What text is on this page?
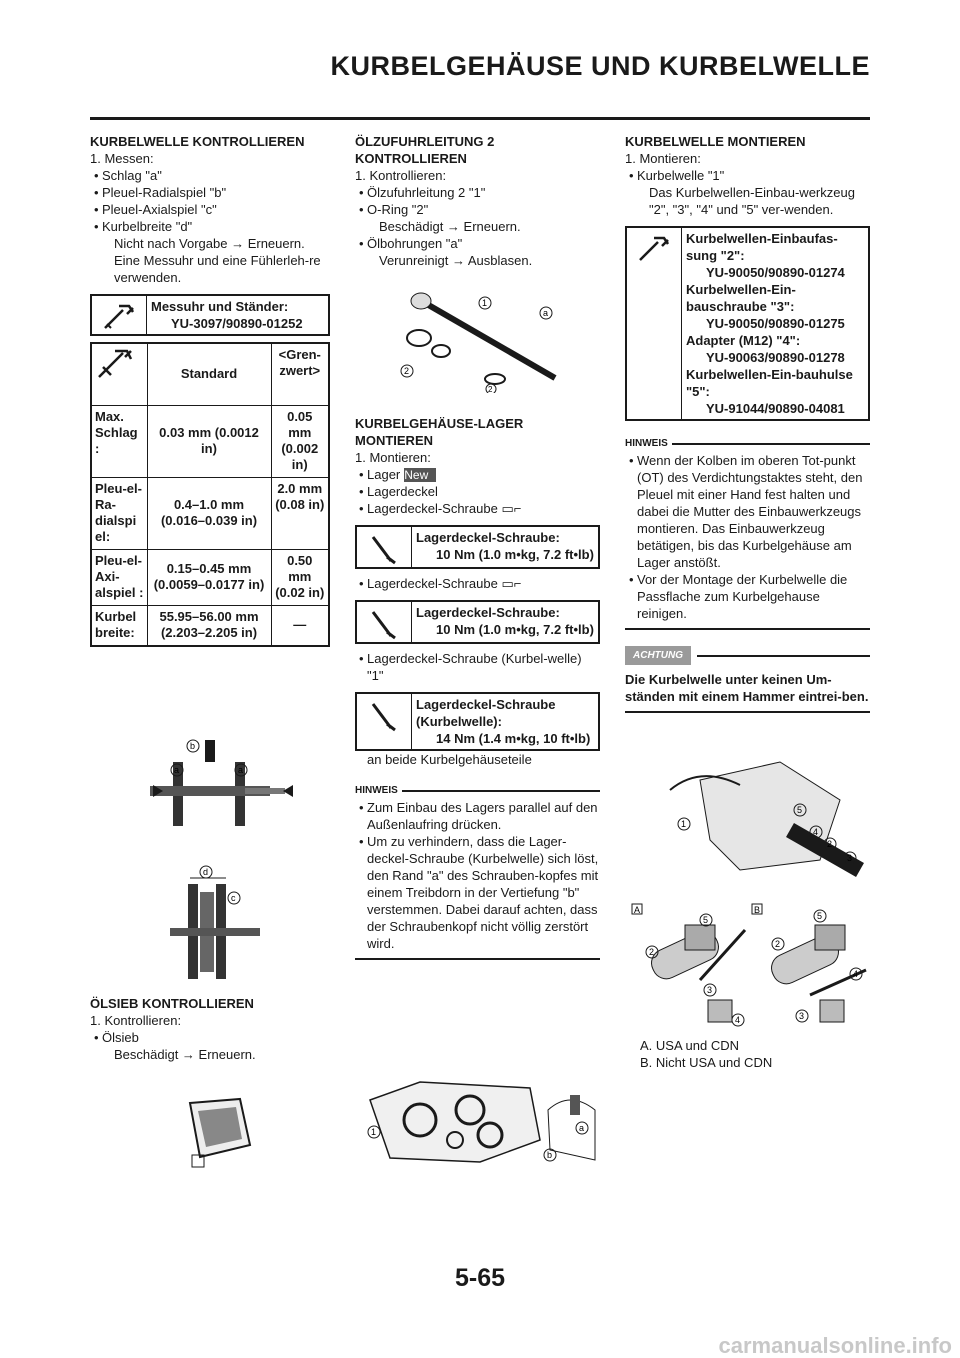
KURBELGEHÄUSE UND KURBELWELLE
KURBELWELLE KONTROLLIEREN
1. Messen:
• Schlag "a"
• Pleuel-Radialspiel "b"
• Pleuel-Axialspiel "c"
• Kurbelbreite "d"
Nicht nach Vorgabe → Erneuern.
Eine Messuhr und eine Fühlerleh-re verwenden.
Messuhr und Ständer:
YU-3097/90890-01252
	Standard	<Gren-zwert>
Max. Schlag :	0.03 mm (0.0012 in)	0.05 mm (0.002 in)
Pleu-el- Ra-dialspi el:	0.4–1.0 mm (0.016–0.039 in)	2.0 mm (0.08 in)
Pleu-el- Axi-alspiel :	0.15–0.45 mm (0.0059–0.0177 in)	0.50 mm (0.02 in)
Kurbel breite:	55.95–56.00 mm (2.203–2.205 in)	—
b
a	a
d
c
ÖLSIEB KONTROLLIEREN
1. Kontrollieren:
• Ölsieb
Beschädigt → Erneuern.
ÖLZUFUHRLEITUNG 2 KONTROLLIEREN
1. Kontrollieren:
• Ölzufuhrleitung 2 "1"
• O-Ring "2"
Beschädigt → Erneuern.
• Ölbohrungen "a"
Verunreinigt → Ausblasen.
1
a
2
2
KURBELGEHÄUSE-LAGER MONTIEREN
1. Montieren:
• Lager New
• Lagerdeckel
• Lagerdeckel-Schraube ▭⌐
Lagerdeckel-Schraube:
10 Nm (1.0 m•kg, 7.2 ft•lb)
• Lagerdeckel-Schraube ▭⌐
Lagerdeckel-Schraube:
10 Nm (1.0 m•kg, 7.2 ft•lb)
• Lagerdeckel-Schraube (Kurbel-welle) "1"
Lagerdeckel-Schraube (Kurbelwelle):
14 Nm (1.4 m•kg, 10 ft•lb)
an beide Kurbelgehäuseteile
HINWEIS
• Zum Einbau des Lagers parallel auf den Außenlaufring drücken.
• Um zu verhindern, dass die Lager-deckel-Schraube (Kurbelwelle) sich löst, den Rand "a" des Schrauben-kopfes mit einem Treibdorn in der Vertiefung "b" verstemmen. Dabei darauf achten, dass der Schraubenkopf nicht völlig zerstört wird.
1	a
b
KURBELWELLE MONTIEREN
1. Montieren:
• Kurbelwelle "1"
Das Kurbelwellen-Einbau-werkzeug "2", "3", "4" und "5" ver-wenden.
Kurbelwellen-Einbaufas-sung "2":
YU-90050/90890-01274
Kurbelwellen-Ein-bauschraube "3":
YU-90050/90890-01275
Adapter (M12) "4":
YU-90063/90890-01278
Kurbelwellen-Ein-bauhulse "5":
YU-91044/90890-04081
HINWEIS
• Wenn der Kolben im oberen Tot-punkt (OT) des Verdichtungstaktes steht, den Pleuel mit einer Hand fest halten und dabei die Mutter des Einbauwerkzeugs montieren. Das Einbauwerkzeug betätigen, bis das Kurbelgehäuse am Lager anstößt.
• Vor der Montage der Kurbelwelle die Passflache zum Kurbelgehause reinigen.
ACHTUNG
Die Kurbelwelle unter keinen Um-ständen mit einem Hammer eintrei-ben.
1
5
4
2
3
A	B
5
2
3
4
5
2
4
3
A. USA und CDN
B. Nicht USA und CDN
5-65
carmanualsonline.info
